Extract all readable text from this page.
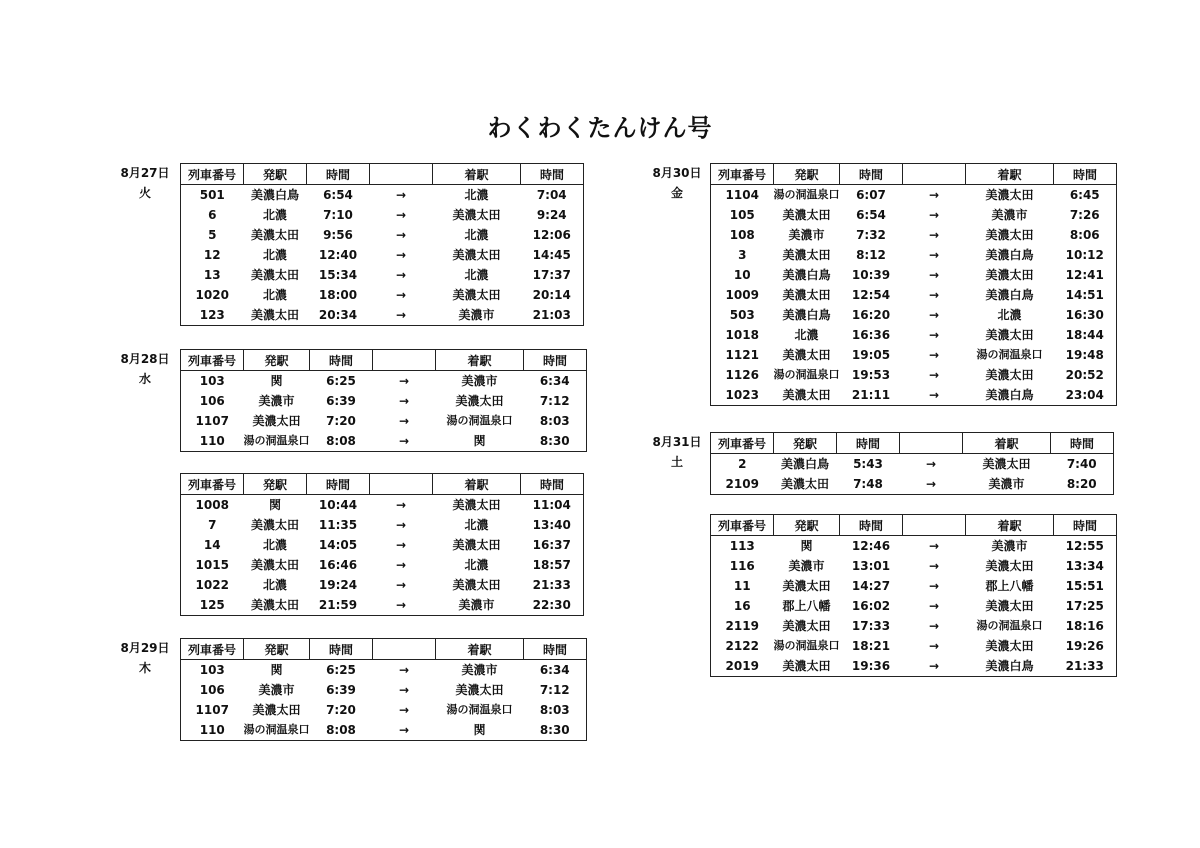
わくわくたんけん号
8月27日
火
列車番号	発駅	時間		着駅	時間
501	美濃白鳥	6:54	→	北濃	7:04
6	北濃	7:10	→	美濃太田	9:24
5	美濃太田	9:56	→	北濃	12:06
12	北濃	12:40	→	美濃太田	14:45
13	美濃太田	15:34	→	北濃	17:37
1020	北濃	18:00	→	美濃太田	20:14
123	美濃太田	20:34	→	美濃市	21:03
8月28日
水
列車番号	発駅	時間		着駅	時間
103	関	6:25	→	美濃市	6:34
106	美濃市	6:39	→	美濃太田	7:12
1107	美濃太田	7:20	→	湯の洞温泉口	8:03
110	湯の洞温泉口	8:08	→	関	8:30
列車番号	発駅	時間		着駅	時間
1008	関	10:44	→	美濃太田	11:04
7	美濃太田	11:35	→	北濃	13:40
14	北濃	14:05	→	美濃太田	16:37
1015	美濃太田	16:46	→	北濃	18:57
1022	北濃	19:24	→	美濃太田	21:33
125	美濃太田	21:59	→	美濃市	22:30
8月29日
木
列車番号	発駅	時間		着駅	時間
103	関	6:25	→	美濃市	6:34
106	美濃市	6:39	→	美濃太田	7:12
1107	美濃太田	7:20	→	湯の洞温泉口	8:03
110	湯の洞温泉口	8:08	→	関	8:30
8月30日
金
列車番号	発駅	時間		着駅	時間
1104	湯の洞温泉口	6:07	→	美濃太田	6:45
105	美濃太田	6:54	→	美濃市	7:26
108	美濃市	7:32	→	美濃太田	8:06
3	美濃太田	8:12	→	美濃白鳥	10:12
10	美濃白鳥	10:39	→	美濃太田	12:41
1009	美濃太田	12:54	→	美濃白鳥	14:51
503	美濃白鳥	16:20	→	北濃	16:30
1018	北濃	16:36	→	美濃太田	18:44
1121	美濃太田	19:05	→	湯の洞温泉口	19:48
1126	湯の洞温泉口	19:53	→	美濃太田	20:52
1023	美濃太田	21:11	→	美濃白鳥	23:04
8月31日
土
列車番号	発駅	時間		着駅	時間
2	美濃白鳥	5:43	→	美濃太田	7:40
2109	美濃太田	7:48	→	美濃市	8:20
列車番号	発駅	時間		着駅	時間
113	関	12:46	→	美濃市	12:55
116	美濃市	13:01	→	美濃太田	13:34
11	美濃太田	14:27	→	郡上八幡	15:51
16	郡上八幡	16:02	→	美濃太田	17:25
2119	美濃太田	17:33	→	湯の洞温泉口	18:16
2122	湯の洞温泉口	18:21	→	美濃太田	19:26
2019	美濃太田	19:36	→	美濃白鳥	21:33
